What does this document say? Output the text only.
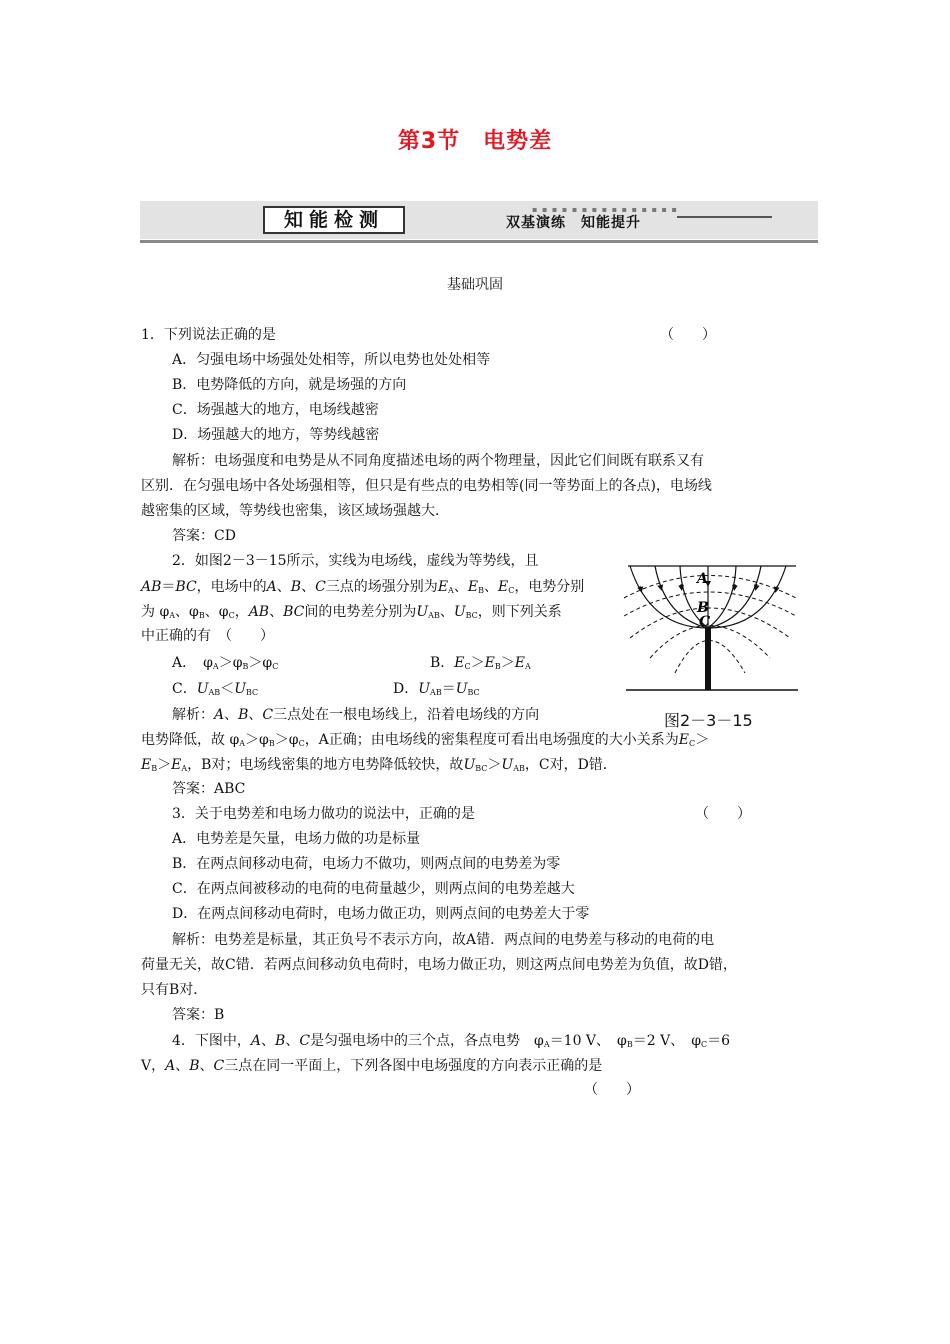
第3节　电势差
▪ ▪ ▪ ▪ ▪ ▪ ▪ ▪ ▪ ▪ ▪ ▪ ▪ ▪ ▪
知能检测	双基演练　知能提升
基础巩固
1．下列说法正确的是	（　　）
A．匀强电场中场强处处相等，所以电势也处处相等
B．电势降低的方向，就是场强的方向
C．场强越大的地方，电场线越密
D．场强越大的地方，等势线越密
解析：电场强度和电势是从不同角度描述电场的两个物理量，因此它们间既有联系又有
区别．在匀强电场中各处场强相等，但只是有些点的电势相等(同一等势面上的各点)，电场线
越密集的区域，等势线也密集，该区域场强越大．
答案：CD
2．如图2－3－15所示，实线为电场线，虚线为等势线，且
AB＝BC，电场中的A、B、C三点的场强分别为$E_A$、$E_B$、$E_C$，电势分别
为 $\varphi_A$、$\varphi_B$、$\varphi_C$，AB、BC间的电势差分别为$U_{AB}$、$U_{BC}$，则下列关系
中正确的有　（　　）
A．　$\varphi_A>\varphi_B>\varphi_C$	B．$E_C>E_B>E_A$
C．$U_{AB}<U_{BC}$	D．$U_{AB}=U_{BC}$
A
B
C
图2－3－15
解析：A、B、C三点处在一根电场线上，沿着电场线的方向
电势降低，故 $\varphi_A>\varphi_B>\varphi_C$，A正确；由电场线的密集程度可看出电场强度的大小关系为$E_C>$
$E_B>E_A$，B对；电场线密集的地方电势降低较快，故$U_{BC}>U_{AB}$，C对，D错．
答案：ABC
3．关于电势差和电场力做功的说法中，正确的是	（　　）
A．电势差是矢量，电场力做的功是标量
B．在两点间移动电荷，电场力不做功，则两点间的电势差为零
C．在两点间被移动的电荷的电荷量越少，则两点间的电势差越大
D．在两点间移动电荷时，电场力做正功，则两点间的电势差大于零
解析：电势差是标量，其正负号不表示方向，故A错．两点间的电势差与移动的电荷的电
荷量无关，故C错．若两点间移动负电荷时，电场力做正功，则这两点间电势差为负值，故D错，
只有B对．
答案：B
4．下图中，A、B、C是匀强电场中的三个点，各点电势　$\varphi_A=10$ V、　$\varphi_B=2$ V、　$\varphi_C=6$
V，A、B、C三点在同一平面上，下列各图中电场强度的方向表示正确的是
（　　）
